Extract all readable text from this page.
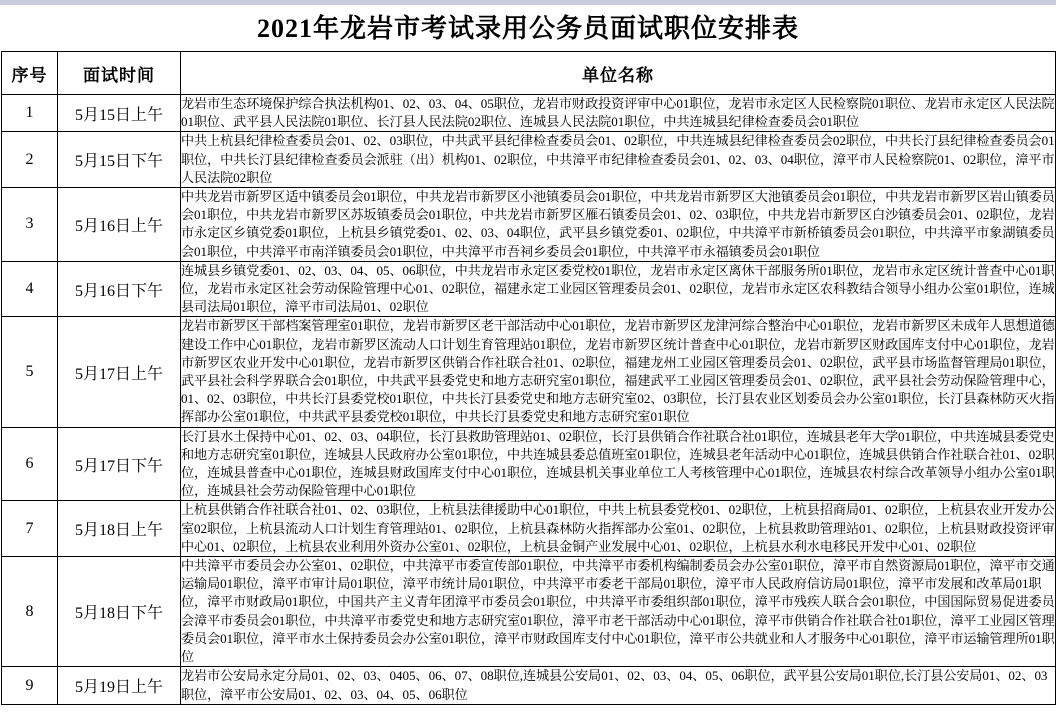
2021年龙岩市考试录用公务员面试职位安排表
序号	面试时间	单位名称
1	5月15日上午	龙岩市生态环境保护综合执法机构01、02、03、04、05职位，龙岩市财政投资评审中心01职位，龙岩市永定区人民检察院01职位、龙岩市永定区人民法院01职位、武平县人民法院01职位、长汀县人民法院02职位、连城县人民法院01职位，中共连城县纪律检查委员会01职位
2	5月15日下午	中共上杭县纪律检查委员会01、02、03职位，中共武平县纪律检查委员会01、02职位，中共连城县纪律检查委员会02职位，中共长汀县纪律检查委员会01职位，中共长汀县纪律检查委员会派驻（出）机构01、02职位，中共漳平市纪律检查委员会01、02、03、04职位，漳平市人民检察院01、02职位，漳平市人民法院02职位
3	5月16日上午	中共龙岩市新罗区适中镇委员会01职位，中共龙岩市新罗区小池镇委员会01职位，中共龙岩市新罗区大池镇委员会01职位，中共龙岩市新罗区岩山镇委员会01职位，中共龙岩市新罗区苏坂镇委员会01职位，中共龙岩市新罗区雁石镇委员会01、02、03职位，中共龙岩市新罗区白沙镇委员会01、02职位，龙岩市永定区乡镇党委01职位，上杭县乡镇党委01、02、03、04职位，武平县乡镇党委01、02职位，中共漳平市新桥镇委员会01职位，中共漳平市象湖镇委员会01职位，中共漳平市南洋镇委员会01职位，中共漳平市吾祠乡委员会01职位，中共漳平市永福镇委员会01职位
4	5月16日下午	连城县乡镇党委01、02、03、04、05、06职位，中共龙岩市永定区委党校01职位，龙岩市永定区离休干部服务所01职位，龙岩市永定区统计普查中心01职位，龙岩市永定区社会劳动保险管理中心01、02职位，福建永定工业园区管理委员会01、02职位，龙岩市永定区农科教结合领导小组办公室01职位，连城县司法局01职位，漳平市司法局01、02职位
5	5月17日上午	龙岩市新罗区干部档案管理室01职位，龙岩市新罗区老干部活动中心01职位，龙岩市新罗区龙津河综合整治中心01职位，龙岩市新罗区未成年人思想道德建设工作中心01职位，龙岩市新罗区流动人口计划生育管理站01职位，龙岩市新罗区统计普查中心01职位，龙岩市新罗区财政国库支付中心01职位，龙岩市新罗区农业开发中心01职位，龙岩市新罗区供销合作社联合社01、02职位，福建龙州工业园区管理委员会01、02职位，武平县市场监督管理局01职位，武平县社会科学界联合会01职位，中共武平县委党史和地方志研究室01职位，福建武平工业园区管理委员会01、02职位，武平县社会劳动保险管理中心，01、02、03职位，中共长汀县委党校01职位，中共长汀县委党史和地方志研究室02、03职位，长汀县农业区划委员会办公室01职位，长汀县森林防灭火指挥部办公室01职位，中共武平县委党校01职位，中共长汀县委党史和地方志研究室01职位
6	5月17日下午	长汀县水土保持中心01、02、03、04职位，长汀县救助管理站01、02职位，长汀县供销合作社联合社01职位，连城县老年大学01职位，中共连城县委党史和地方志研究室01职位，连城县人民政府办公室01职位，中共连城县委总值班室01职位，连城县老年活动中心01职位，连城县供销合作社联合社01、02职位，连城县普查中心01职位，连城县财政国库支付中心01职位，连城县机关事业单位工人考核管理中心01职位，连城县农村综合改革领导小组办公室01职位，连城县社会劳动保险管理中心01职位
7	5月18日上午	上杭县供销合作社联合社01、02、03职位，上杭县法律援助中心01职位，中共上杭县委党校01、02职位，上杭县招商局01、02职位，上杭县农业开发办公室02职位，上杭县流动人口计划生育管理站01、02职位，上杭县森林防火指挥部办公室01、02职位，上杭县救助管理站01、02职位，上杭县财政投资评审中心01、02职位，上杭县农业利用外资办公室01、02职位，上杭县金铜产业发展中心01、02职位，上杭县水利水电移民开发中心01、02职位
8	5月18日下午	中共漳平市委员会办公室01、02职位，中共漳平市委宣传部01职位，中共漳平市委机构编制委员会办公室01职位，漳平市自然资源局01职位，漳平市交通运输局01职位，漳平市审计局01职位，漳平市统计局01职位，中共漳平市委老干部局01职位，漳平市人民政府信访局01职位，漳平市发展和改革局01职位，漳平市财政局01职位，中国共产主义青年团漳平市委员会01职位，中共漳平市委组织部01职位，漳平市残疾人联合会01职位，中国国际贸易促进委员会漳平市委员会01职位，中共漳平市委党史和地方志研究室01职位，漳平市老干部活动中心01职位，漳平市供销合作社联合社01职位，漳平工业园区管理委员会01职位，漳平市水土保持委员会办公室01职位，漳平市财政国库支付中心01职位，漳平市公共就业和人才服务中心01职位，漳平市运输管理所01职位
9	5月19日上午	龙岩市公安局永定分局01、02、03、0405、06、07、08职位,连城县公安局01、02、03、04、05、06职位，武平县公安局01职位,长汀县公安局01、02、03职位，漳平市公安局01、02、03、04、05、06职位
